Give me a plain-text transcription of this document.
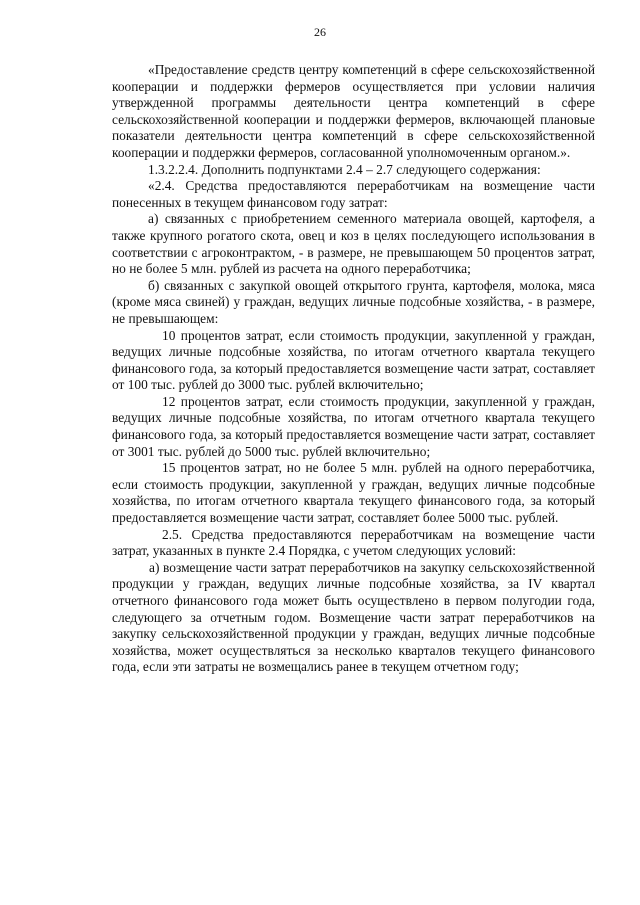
26

«Предоставление средств центру компетенций в сфере сельскохозяйственной кооперации и поддержки фермеров осуществляется при условии наличия утвержденной программы деятельности центра компетенций в сфере сельскохозяйственной кооперации и поддержки фермеров, включающей плановые показатели деятельности центра компетенций в сфере сельскохозяйственной кооперации и поддержки фермеров, согласованной уполномоченным органом.».

1.3.2.2.4. Дополнить подпунктами 2.4 – 2.7 следующего содержания:

«2.4. Средства предоставляются переработчикам на возмещение части понесенных в текущем финансовом году затрат:

а) связанных с приобретением семенного материала овощей, картофеля, а также крупного рогатого скота, овец и коз в целях последующего использования в соответствии с агроконтрактом, - в размере, не превышающем 50 процентов затрат, но не более 5 млн. рублей из расчета на одного переработчика;

б) связанных с закупкой овощей открытого грунта, картофеля, молока, мяса (кроме мяса свиней) у граждан, ведущих личные подсобные хозяйства, - в размере, не превышающем:

10 процентов затрат, если стоимость продукции, закупленной у граждан, ведущих личные подсобные хозяйства, по итогам отчетного квартала текущего финансового года, за который предоставляется возмещение части затрат, составляет от 100 тыс. рублей до 3000 тыс. рублей включительно;

12 процентов затрат, если стоимость продукции, закупленной у граждан, ведущих личные подсобные хозяйства, по итогам отчетного квартала текущего финансового года, за который предоставляется возмещение части затрат, составляет от 3001 тыс. рублей до 5000 тыс. рублей включительно;

15 процентов затрат, но не более 5 млн. рублей на одного переработчика, если стоимость продукции, закупленной у граждан, ведущих личные подсобные хозяйства, по итогам отчетного квартала текущего финансового года, за который предоставляется возмещение части затрат, составляет более 5000 тыс. рублей.

2.5. Средства предоставляются переработчикам на возмещение части затрат, указанных в пункте 2.4 Порядка, с учетом следующих условий:

а) возмещение части затрат переработчиков на закупку сельскохозяйственной продукции у граждан, ведущих личные подсобные хозяйства, за IV квартал отчетного финансового года может быть осуществлено в первом полугодии года, следующего за отчетным годом. Возмещение части затрат переработчиков на закупку сельскохозяйственной продукции у граждан, ведущих личные подсобные хозяйства, может осуществляться за несколько кварталов текущего финансового года, если эти затраты не возмещались ранее в текущем отчетном году;
